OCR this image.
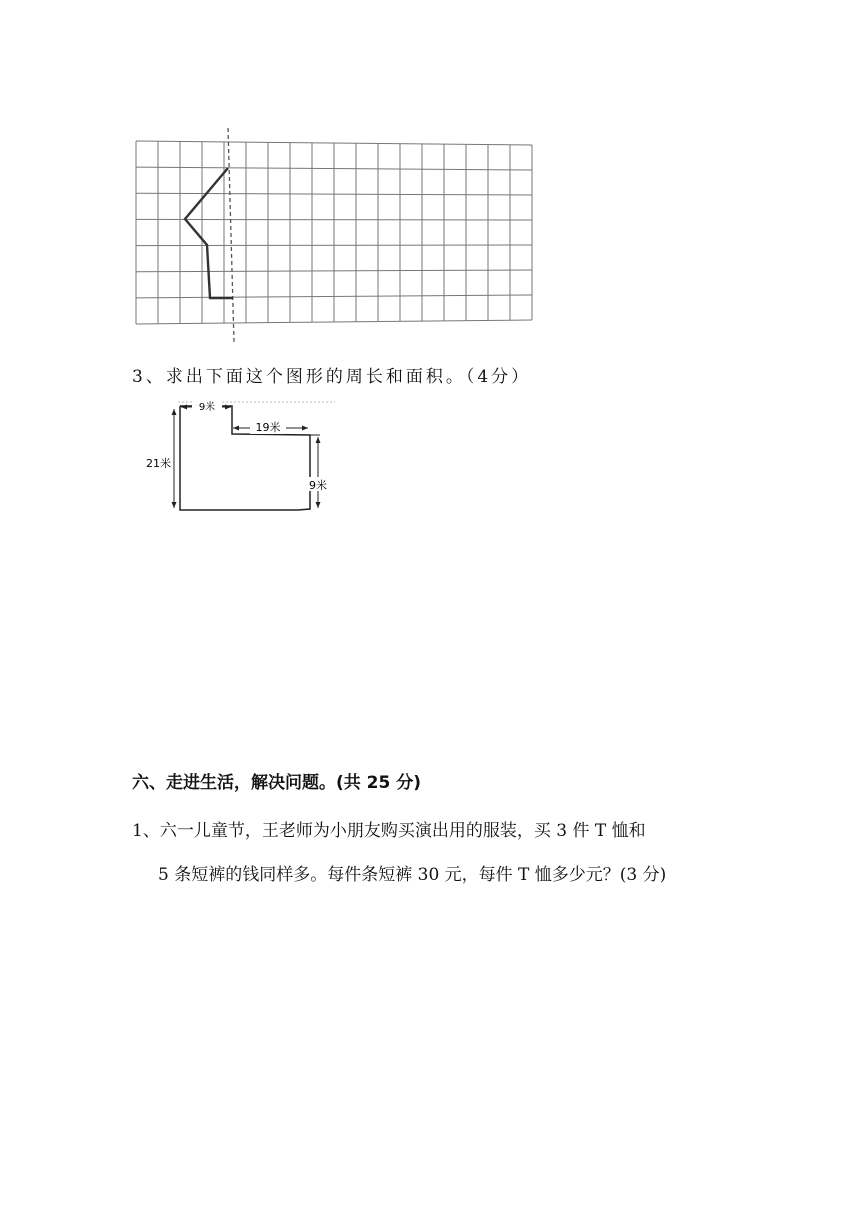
3、求出下面这个图形的周长和面积。（4分）
9米
19米
21米
9米
六、走进生活，解决问题。(共 25 分)
1、六一儿童节，王老师为小朋友购买演出用的服装，买 3 件 T 恤和
5 条短裤的钱同样多。每件条短裤 30 元，每件 T 恤多少元？(3 分)
